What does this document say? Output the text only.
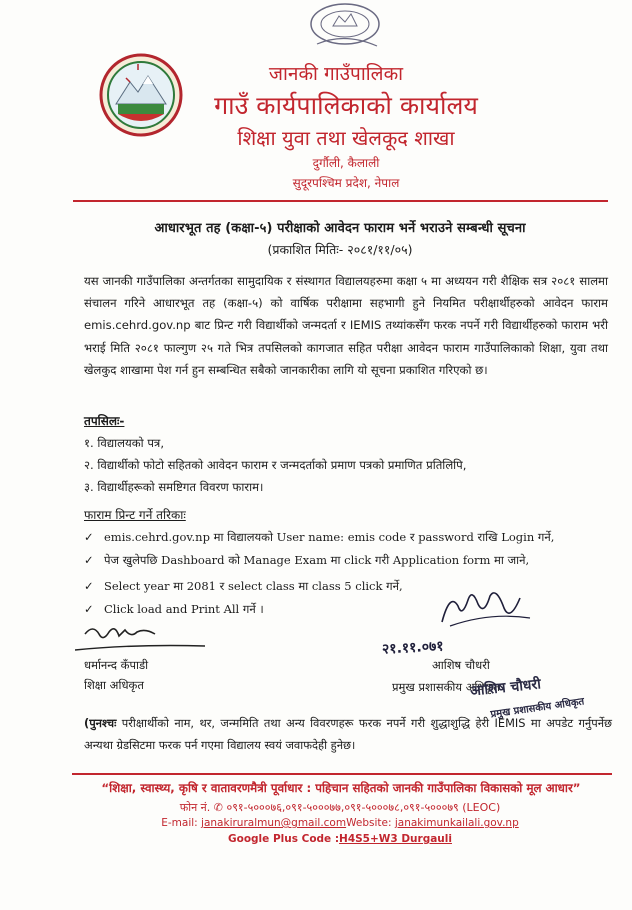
जानकी गाउँपालिका
गाउँ कार्यपालिकाको कार्यालय
शिक्षा युवा तथा खेलकूद शाखा
दुर्गौली, कैलाली
सुदूरपश्चिम प्रदेश, नेपाल
आधारभूत तह (कक्षा-५) परीक्षाको आवेदन फाराम भर्ने भराउने सम्बन्धी सूचना
(प्रकाशित मितिः- २०८१/११/०५)
यस जानकी गाउँपालिका अन्तर्गतका सामुदायिक र संस्थागत विद्यालयहरुमा कक्षा ५ मा अध्ययन गरी शैक्षिक सत्र २०८१ सालमा संचालन गरिने आधारभूत तह (कक्षा-५) को वार्षिक परीक्षामा सहभागी हुने नियमित परीक्षार्थीहरुको आवेदन फाराम emis.cehrd.gov.np बाट प्रिन्ट गरी विद्यार्थीको जन्मदर्ता र IEMIS तथ्यांकसँग फरक नपर्ने गरी विद्यार्थीहरुको फाराम भरी भराई मिति २०८१ फाल्गुण २५ गते भित्र तपसिलको कागजात सहित परीक्षा आवेदन फाराम गाउँपालिकाको शिक्षा, युवा तथा खेलकुद शाखामा पेश गर्न हुन सम्बन्धित सबैको जानकारीका लागि यो सूचना प्रकाशित गरिएको छ।
तपसिलः-
१. विद्यालयको पत्र,
२. विद्यार्थीको फोटो सहितको आवेदन फाराम र जन्मदर्ताको प्रमाण पत्रको प्रमाणित प्रतिलिपि,
३. विद्यार्थीहरूको समष्टिगत विवरण फाराम।
फाराम प्रिन्ट गर्ने तरिकाः
✓ emis.cehrd.gov.np मा विद्यालयको User name: emis code र password राखि Login गर्ने,
✓ पेज खुलेपछि Dashboard को Manage Exam मा click गरी Application form मा जाने,
✓ Select year मा 2081 र select class मा class 5 click गर्ने,
✓ Click load and Print All गर्ने ।
धर्मानन्द कँपाडी
शिक्षा अधिकृत
२१.११.०७१
आशिष चौधरी
प्रमुख प्रशासकीय अधिकृत
आशिष चौधरी
प्रमुख प्रशासकीय अधिकृत
(पुनश्चः परीक्षार्थीको नाम, थर, जन्ममिति तथा अन्य विवरणहरू फरक नपर्ने गरी शुद्धाशुद्धि हेरी IEMIS मा अपडेट गर्नुपर्नेछ अन्यथा ग्रेडसिटमा फरक पर्न गएमा विद्यालय स्वयं जवाफदेही हुनेछ।
“शिक्षा, स्वास्थ्य, कृषि र वातावरणमैत्री पूर्वाधार : पहिचान सहितको जानकी गाउँपालिका विकासको मूल आधार”
फोन नं. ✆ ०९१-५०००७६,०९१-५०००७७,०९१-५०००७८,०९१-५०००७९ (LEOC)
E-mail: janakiruralmun@gmail.comWebsite: janakimunkailali.gov.np
Google Plus Code :H4S5+W3 Durgauli
